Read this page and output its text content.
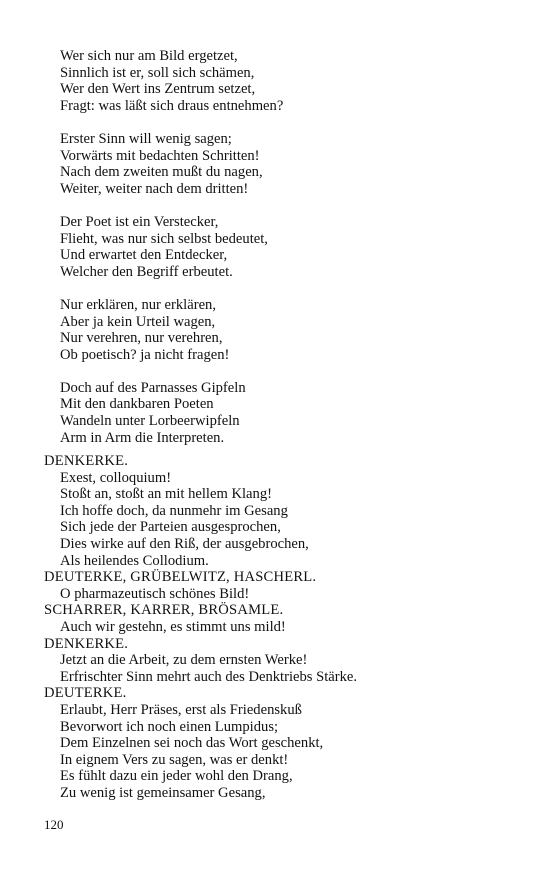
Wer sich nur am Bild ergetzet,
Sinnlich ist er, soll sich schämen,
Wer den Wert ins Zentrum setzet,
Fragt: was läßt sich draus entnehmen?
Erster Sinn will wenig sagen;
Vorwärts mit bedachten Schritten!
Nach dem zweiten mußt du nagen,
Weiter, weiter nach dem dritten!
Der Poet ist ein Verstecker,
Flieht, was nur sich selbst bedeutet,
Und erwartet den Entdecker,
Welcher den Begriff erbeutet.
Nur erklären, nur erklären,
Aber ja kein Urteil wagen,
Nur verehren, nur verehren,
Ob poetisch? ja nicht fragen!
Doch auf des Parnasses Gipfeln
Mit den dankbaren Poeten
Wandeln unter Lorbeerwipfeln
Arm in Arm die Interpreten.
DENKERKE.
Exest, colloquium!
Stoßt an, stoßt an mit hellem Klang!
Ich hoffe doch, da nunmehr im Gesang
Sich jede der Parteien ausgesprochen,
Dies wirke auf den Riß, der ausgebrochen,
Als heilendes Collodium.
DEUTERKE, GRÜBELWITZ, HASCHERL.
O pharmazeutisch schönes Bild!
SCHARRER, KARRER, BRÖSAMLE.
Auch wir gestehn, es stimmt uns mild!
DENKERKE.
Jetzt an die Arbeit, zu dem ernsten Werke!
Erfrischter Sinn mehrt auch des Denktriebs Stärke.
DEUTERKE.
Erlaubt, Herr Präses, erst als Friedenskuß
Bevorwort ich noch einen Lumpidus;
Dem Einzelnen sei noch das Wort geschenkt,
In eignem Vers zu sagen, was er denkt!
Es fühlt dazu ein jeder wohl den Drang,
Zu wenig ist gemeinsamer Gesang,
120
